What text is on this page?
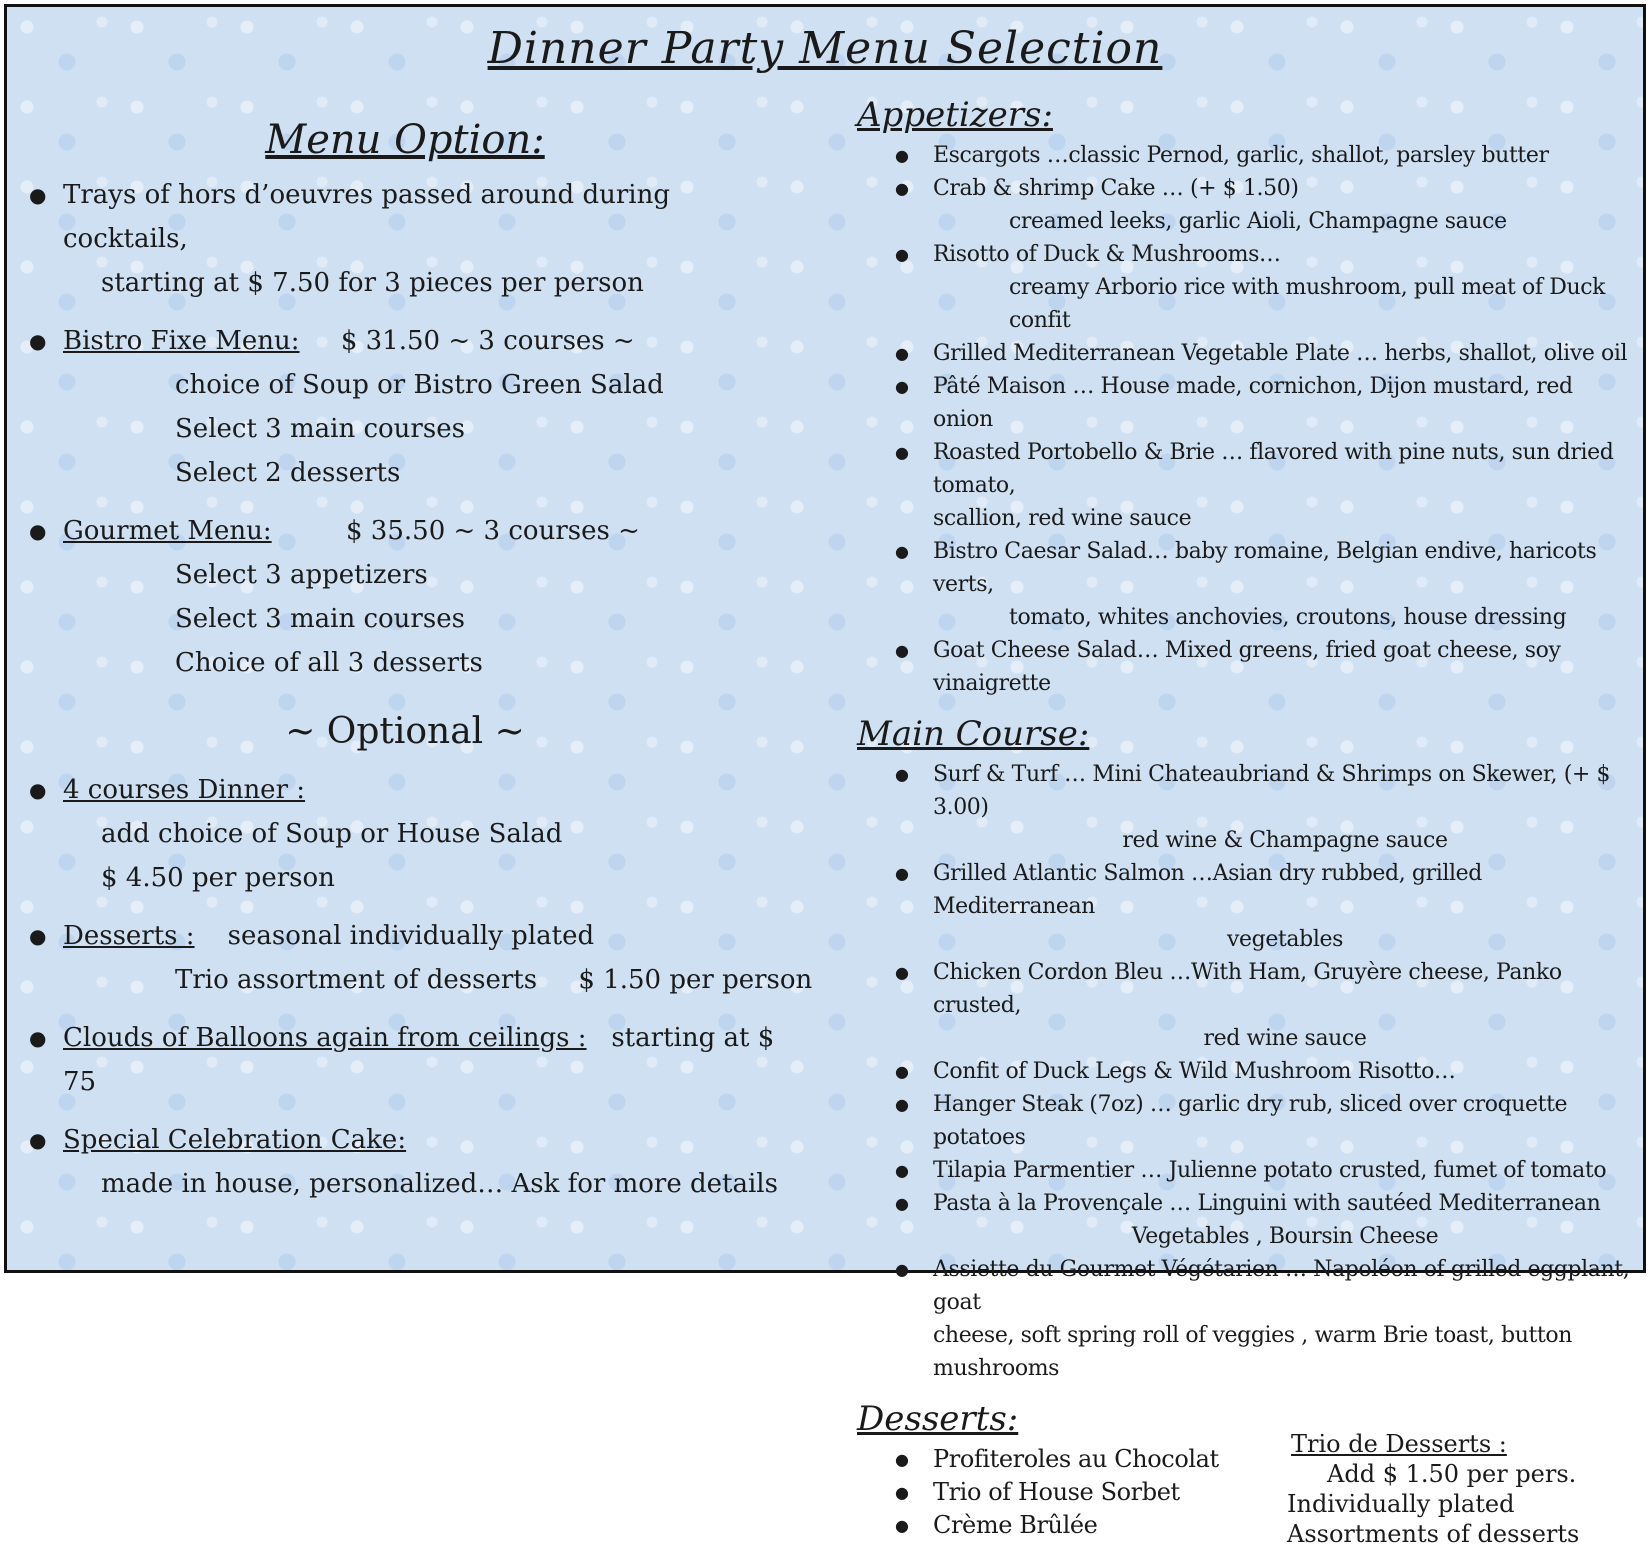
Dinner Party Menu Selection
Menu Option:
● Trays of hors d’oeuvres passed around during cocktails,
starting at $ 7.50 for 3 pieces per person
● Bistro Fixe Menu: $ 31.50 ~ 3 courses ~
choice of Soup or Bistro Green Salad
Select 3 main courses
Select 2 desserts
● Gourmet Menu:	$ 35.50 ~ 3 courses ~
Select 3 appetizers
Select 3 main courses
Choice of all 3 desserts
~ Optional ~
● 4 courses Dinner :
add choice of Soup or House Salad
$ 4.50 per person
● Desserts : seasonal individually plated
Trio assortment of desserts     $ 1.50 per person
● Clouds of Balloons again from ceilings : starting at $ 75
● Special Celebration Cake:
made in house, personalized… Ask for more details
Appetizers:
● Escargots …classic Pernod, garlic, shallot, parsley butter
● Crab & shrimp Cake … (+ $ 1.50)
creamed leeks, garlic Aioli, Champagne sauce
● Risotto of Duck & Mushrooms…
creamy Arborio rice with mushroom, pull meat of Duck confit
● Grilled Mediterranean Vegetable Plate … herbs, shallot, olive oil
● Pâté Maison … House made, cornichon, Dijon mustard, red onion
● Roasted Portobello & Brie … flavored with pine nuts, sun dried tomato,
scallion, red wine sauce
● Bistro Caesar Salad… baby romaine, Belgian endive, haricots verts,
tomato, whites anchovies, croutons, house dressing
● Goat Cheese Salad… Mixed greens, fried goat cheese, soy vinaigrette
Main Course:
● Surf & Turf … Mini Chateaubriand & Shrimps on Skewer, (+ $ 3.00)
red wine & Champagne sauce
● Grilled Atlantic Salmon …Asian dry rubbed, grilled Mediterranean
vegetables
● Chicken Cordon Bleu …With Ham, Gruyère cheese, Panko crusted,
red wine sauce
● Confit of Duck Legs & Wild Mushroom Risotto…
● Hanger Steak (7oz) … garlic dry rub, sliced over croquette potatoes
● Tilapia Parmentier … Julienne potato crusted, fumet of tomato
● Pasta à la Provençale … Linguini with sautéed Mediterranean
Vegetables , Boursin Cheese
● Assiette du Gourmet Végétarien … Napoléon of grilled eggplant, goat
cheese, soft spring roll of veggies , warm Brie toast, button mushrooms
Desserts:
● Profiteroles au Chocolat
● Trio of House Sorbet
● Crème Brûlée
Trio de Desserts :
Add $ 1.50 per pers.
Individually plated
Assortments of desserts
